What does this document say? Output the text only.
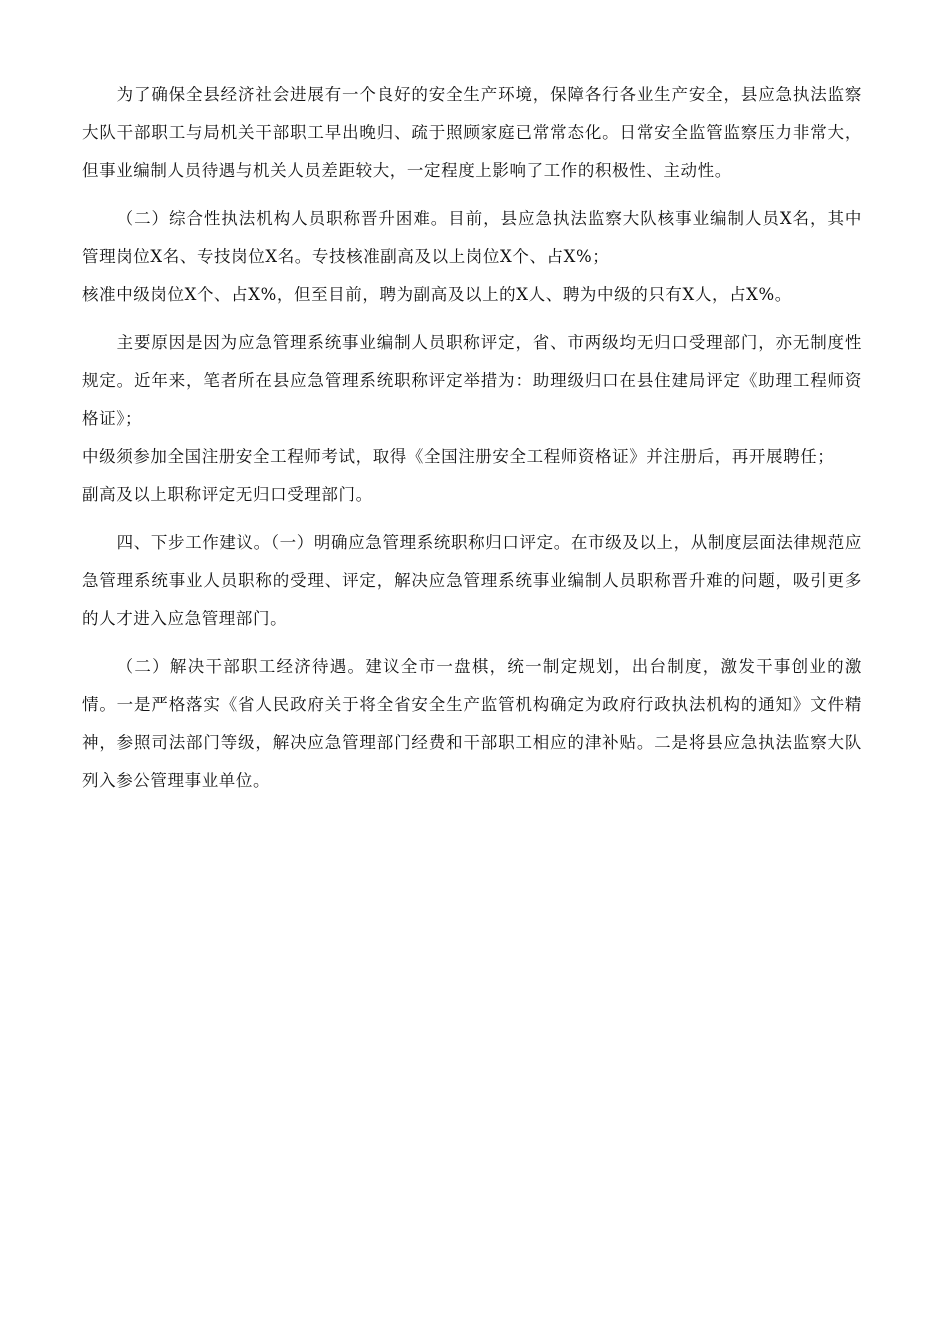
为了确保全县经济社会进展有一个良好的安全生产环境，保障各行各业生产安全，县应急执法监察大队干部职工与局机关干部职工早出晚归、疏于照顾家庭已常常态化。日常安全监管监察压力非常大，但事业编制人员待遇与机关人员差距较大，一定程度上影响了工作的积极性、主动性。

（二）综合性执法机构人员职称晋升困难。目前，县应急执法监察大队核事业编制人员X名，其中管理岗位X名、专技岗位X名。专技核准副高及以上岗位X个、占X%；

核准中级岗位X个、占X%，但至目前，聘为副高及以上的X人、聘为中级的只有X人，占X%。

主要原因是因为应急管理系统事业编制人员职称评定，省、市两级均无归口受理部门，亦无制度性规定。近年来，笔者所在县应急管理系统职称评定举措为：助理级归口在县住建局评定《助理工程师资格证》；

中级须参加全国注册安全工程师考试，取得《全国注册安全工程师资格证》并注册后，再开展聘任；

副高及以上职称评定无归口受理部门。

四、下步工作建议。（一）明确应急管理系统职称归口评定。在市级及以上，从制度层面法律规范应急管理系统事业人员职称的受理、评定，解决应急管理系统事业编制人员职称晋升难的问题，吸引更多的人才进入应急管理部门。

（二）解决干部职工经济待遇。建议全市一盘棋，统一制定规划，出台制度，激发干事创业的激情。一是严格落实《省人民政府关于将全省安全生产监管机构确定为政府行政执法机构的通知》文件精神，参照司法部门等级，解决应急管理部门经费和干部职工相应的津补贴。二是将县应急执法监察大队列入参公管理事业单位。
